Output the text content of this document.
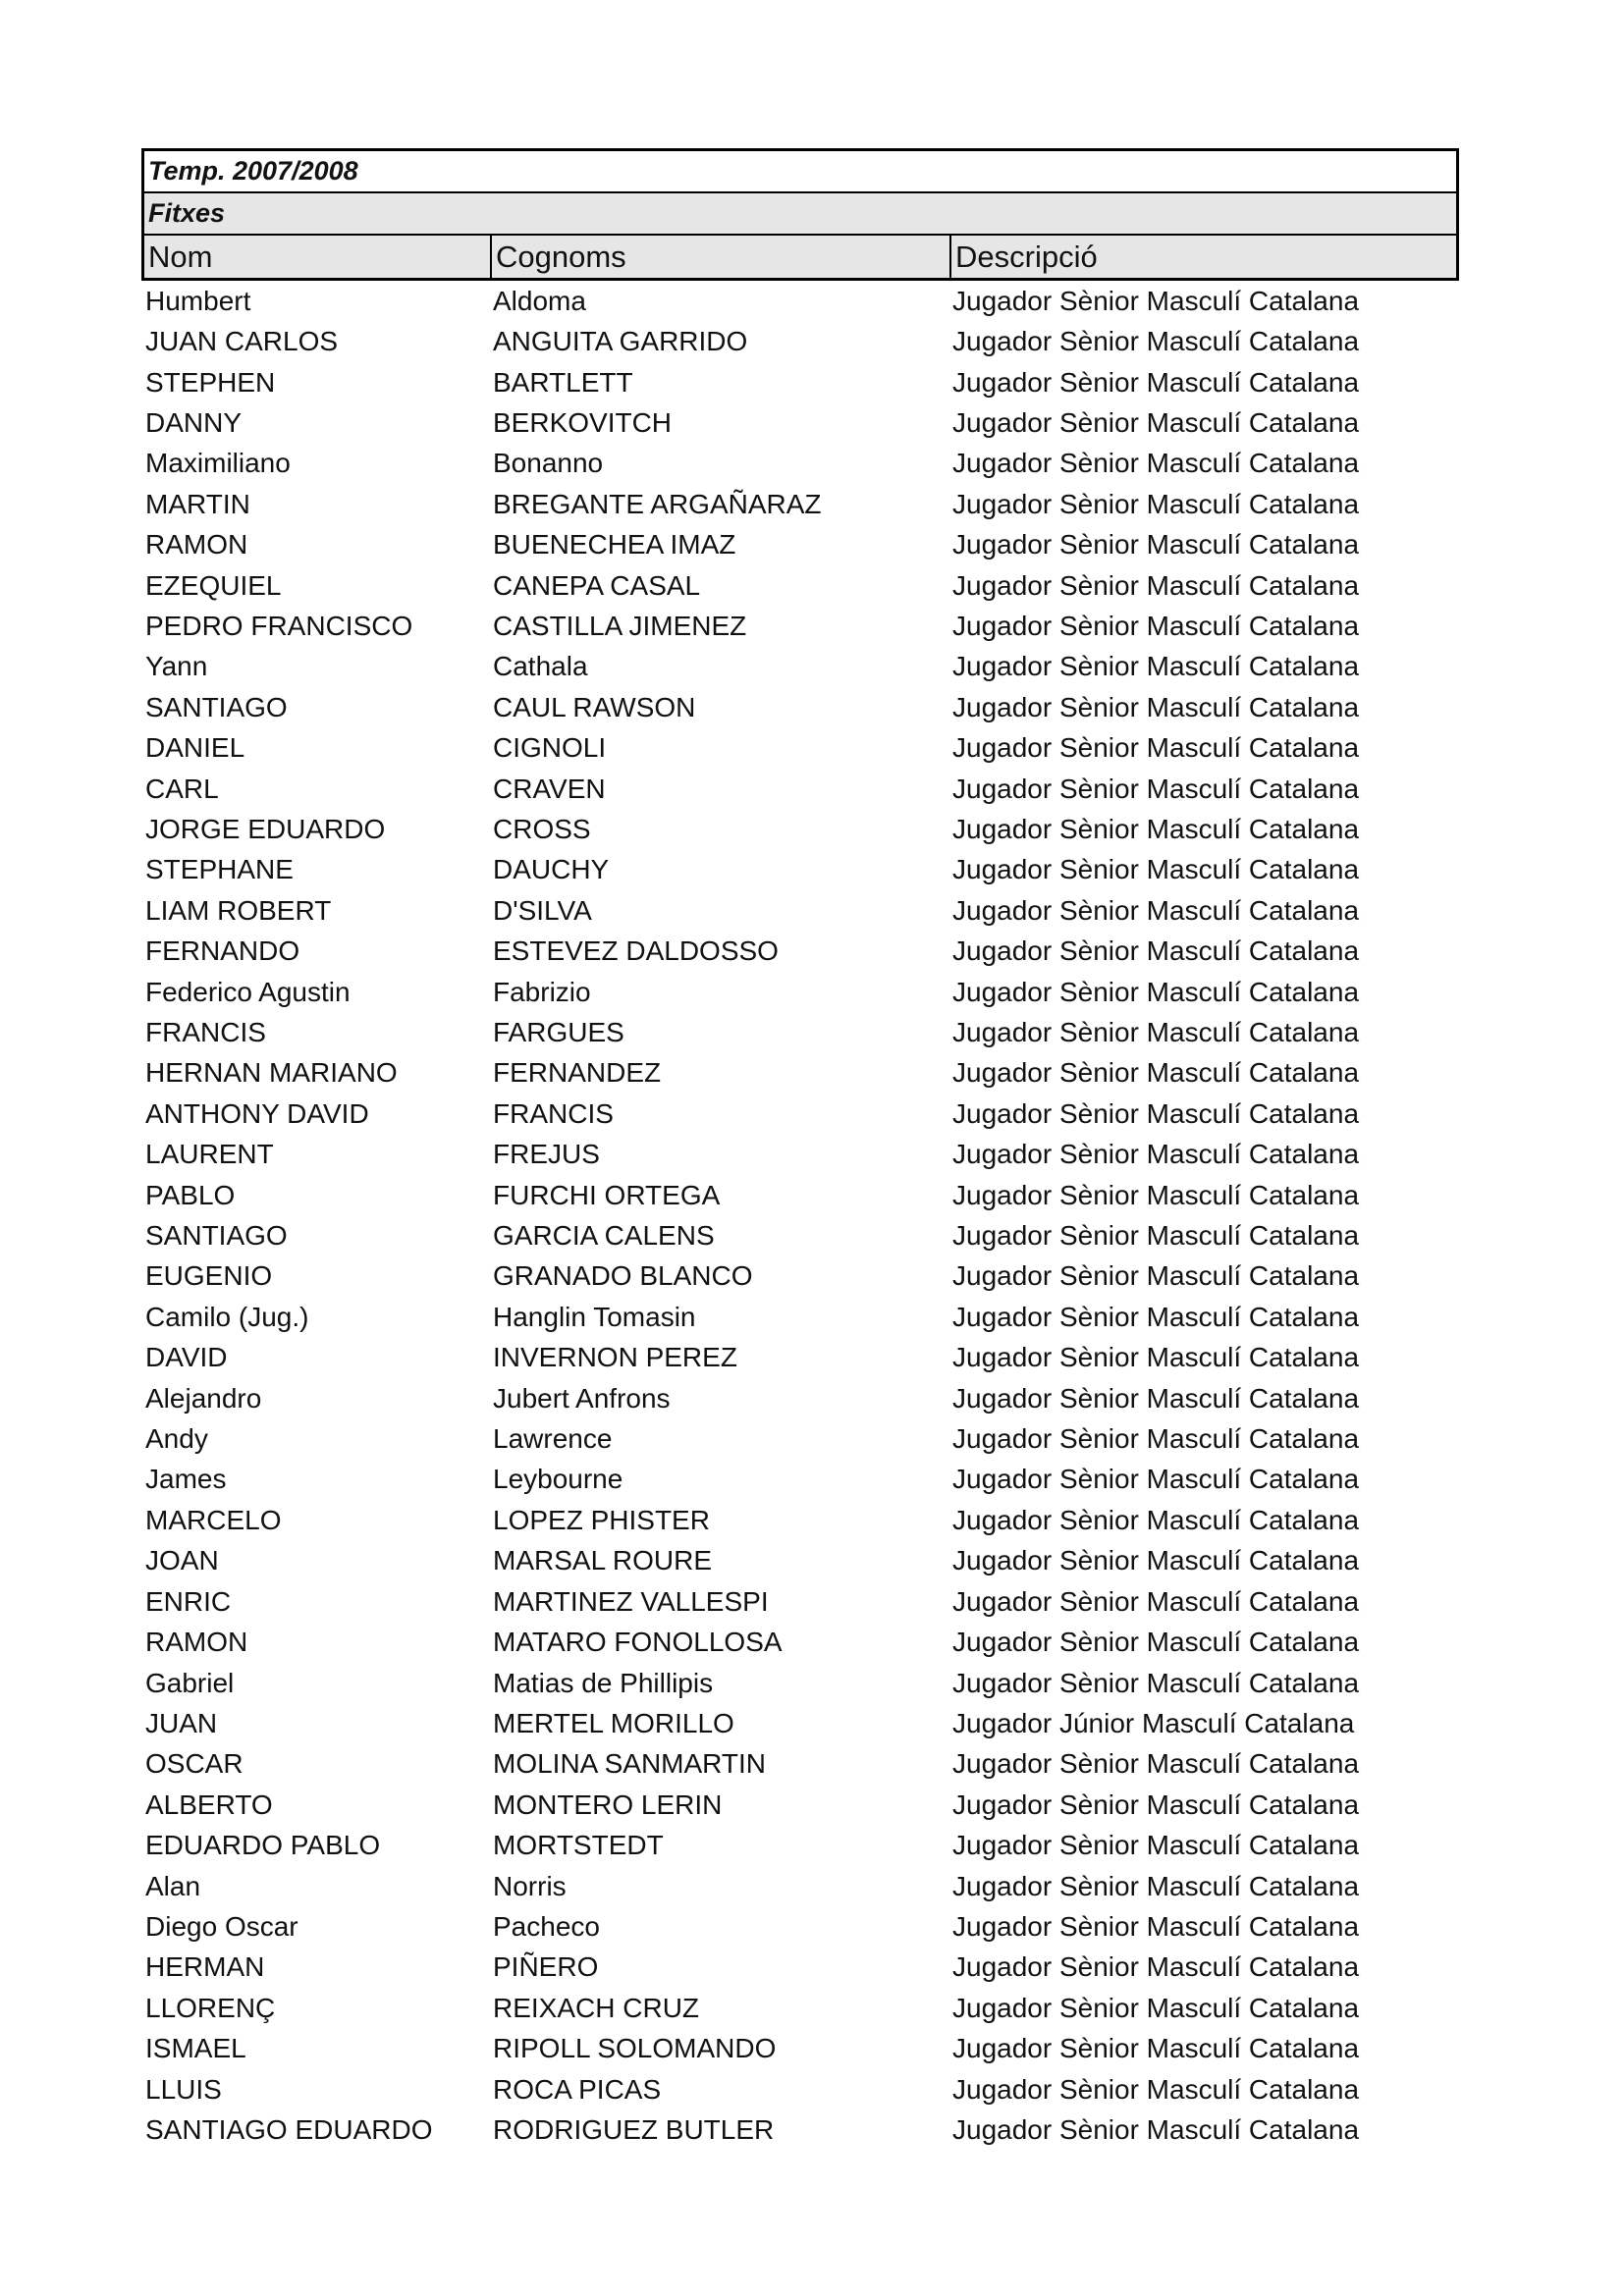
Temp. 2007/2008
Fitxes
Nom	Cognoms	Descripció
Humbert	Aldoma	Jugador Sènior Masculí Catalana
JUAN CARLOS	ANGUITA GARRIDO	Jugador Sènior Masculí Catalana
STEPHEN	BARTLETT	Jugador Sènior Masculí Catalana
DANNY	BERKOVITCH	Jugador Sènior Masculí Catalana
Maximiliano	Bonanno	Jugador Sènior Masculí Catalana
MARTIN	BREGANTE ARGAÑARAZ	Jugador Sènior Masculí Catalana
RAMON	BUENECHEA IMAZ	Jugador Sènior Masculí Catalana
EZEQUIEL	CANEPA CASAL	Jugador Sènior Masculí Catalana
PEDRO FRANCISCO	CASTILLA JIMENEZ	Jugador Sènior Masculí Catalana
Yann	Cathala	Jugador Sènior Masculí Catalana
SANTIAGO	CAUL RAWSON	Jugador Sènior Masculí Catalana
DANIEL	CIGNOLI	Jugador Sènior Masculí Catalana
CARL	CRAVEN	Jugador Sènior Masculí Catalana
JORGE EDUARDO	CROSS	Jugador Sènior Masculí Catalana
STEPHANE	DAUCHY	Jugador Sènior Masculí Catalana
LIAM ROBERT	D'SILVA	Jugador Sènior Masculí Catalana
FERNANDO	ESTEVEZ DALDOSSO	Jugador Sènior Masculí Catalana
Federico Agustin	Fabrizio	Jugador Sènior Masculí Catalana
FRANCIS	FARGUES	Jugador Sènior Masculí Catalana
HERNAN MARIANO	FERNANDEZ	Jugador Sènior Masculí Catalana
ANTHONY DAVID	FRANCIS	Jugador Sènior Masculí Catalana
LAURENT	FREJUS	Jugador Sènior Masculí Catalana
PABLO	FURCHI ORTEGA	Jugador Sènior Masculí Catalana
SANTIAGO	GARCIA CALENS	Jugador Sènior Masculí Catalana
EUGENIO	GRANADO BLANCO	Jugador Sènior Masculí Catalana
Camilo (Jug.)	Hanglin Tomasin	Jugador Sènior Masculí Catalana
DAVID	INVERNON PEREZ	Jugador Sènior Masculí Catalana
Alejandro	Jubert Anfrons	Jugador Sènior Masculí Catalana
Andy	Lawrence	Jugador Sènior Masculí Catalana
James	Leybourne	Jugador Sènior Masculí Catalana
MARCELO	LOPEZ PHISTER	Jugador Sènior Masculí Catalana
JOAN	MARSAL ROURE	Jugador Sènior Masculí Catalana
ENRIC	MARTINEZ VALLESPI	Jugador Sènior Masculí Catalana
RAMON	MATARO FONOLLOSA	Jugador Sènior Masculí Catalana
Gabriel	Matias de Phillipis	Jugador Sènior Masculí Catalana
JUAN	MERTEL MORILLO	Jugador Júnior Masculí Catalana
OSCAR	MOLINA SANMARTIN	Jugador Sènior Masculí Catalana
ALBERTO	MONTERO LERIN	Jugador Sènior Masculí Catalana
EDUARDO PABLO	MORTSTEDT	Jugador Sènior Masculí Catalana
Alan	Norris	Jugador Sènior Masculí Catalana
Diego Oscar	Pacheco	Jugador Sènior Masculí Catalana
HERMAN	PIÑERO	Jugador Sènior Masculí Catalana
LLORENÇ	REIXACH CRUZ	Jugador Sènior Masculí Catalana
ISMAEL	RIPOLL SOLOMANDO	Jugador Sènior Masculí Catalana
LLUIS	ROCA PICAS	Jugador Sènior Masculí Catalana
SANTIAGO EDUARDO	RODRIGUEZ BUTLER	Jugador Sènior Masculí Catalana
